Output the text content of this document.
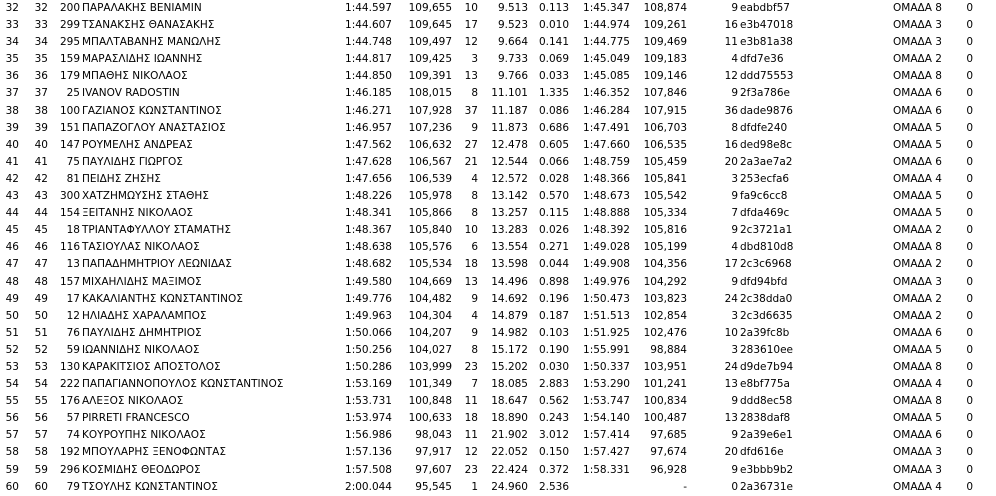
32	32	200 ΠΑΡΑΛΑΚΗΣ ΒΕΝΙΑΜΙΝ	1:44.597	109,655	10	9.513	0.113	1:45.347	108,874	9 eabdbf57	ΟΜΑΔΑ 8	0
33	33	299 ΤΣΑΝΑΚΣΗΣ ΘΑΝΑΣΑΚΗΣ	1:44.607	109,645	17	9.523	0.010	1:44.974	109,261	16 e3b47018	ΟΜΑΔΑ 3	0
34	34	295 ΜΠΑΛΤΑΒΑΝΗΣ ΜΑΝΩΛΗΣ	1:44.748	109,497	12	9.664	0.141	1:44.775	109,469	11 e3b81a38	ΟΜΑΔΑ 3	0
35	35	159 ΜΑΡΑΣΛΙΔΗΣ ΙΩΑΝΝΗΣ	1:44.817	109,425	3	9.733	0.069	1:45.049	109,183	4 dfd7e36	ΟΜΑΔΑ 2	0
36	36	179 ΜΠΑΘΗΣ ΝΙΚΟΛΑΟΣ	1:44.850	109,391	13	9.766	0.033	1:45.085	109,146	12 ddd75553	ΟΜΑΔΑ 8	0
37	37	25 IVANOV RADOSTIN	1:46.185	108,015	8	11.101	1.335	1:46.352	107,846	9 2f3a786e	ΟΜΑΔΑ 6	0
38	38	100 ΓΑΖΙΑΝΟΣ ΚΩΝΣΤΑΝΤΙΝΟΣ	1:46.271	107,928	37	11.187	0.086	1:46.284	107,915	36 dade9876	ΟΜΑΔΑ 6	0
39	39	151 ΠΑΠΑΖΟΓΛΟΥ ΑΝΑΣΤΑΣΙΟΣ	1:46.957	107,236	9	11.873	0.686	1:47.491	106,703	8 dfdfe240	ΟΜΑΔΑ 5	0
40	40	147 ΡΟΥΜΕΛΗΣ ΑΝΔΡΕΑΣ	1:47.562	106,632	27	12.478	0.605	1:47.660	106,535	16 ded98e8c	ΟΜΑΔΑ 5	0
41	41	75 ΠΑΥΛΙΔΗΣ ΓΙΩΡΓΟΣ	1:47.628	106,567	21	12.544	0.066	1:48.759	105,459	20 2a3ae7a2	ΟΜΑΔΑ 6	0
42	42	81 ΠΕΙΔΗΣ ΖΗΣΗΣ	1:47.656	106,539	4	12.572	0.028	1:48.366	105,841	3 253ecfa6	ΟΜΑΔΑ 4	0
43	43	300 ΧΑΤΖΗΜΩΥΣΗΣ ΣΤΑΘΗΣ	1:48.226	105,978	8	13.142	0.570	1:48.673	105,542	9 fa9c6cc8	ΟΜΑΔΑ 5	0
44	44	154 ΞΕΙΤΑΝΗΣ ΝΙΚΟΛΑΟΣ	1:48.341	105,866	8	13.257	0.115	1:48.888	105,334	7 dfda469c	ΟΜΑΔΑ 5	0
45	45	18 ΤΡΙΑΝΤΑΦΥΛΛΟΥ ΣΤΑΜΑΤΗΣ	1:48.367	105,840	10	13.283	0.026	1:48.392	105,816	9 2c3721a1	ΟΜΑΔΑ 2	0
46	46	116 ΤΑΣΙΟΥΛΑΣ ΝΙΚΟΛΑΟΣ	1:48.638	105,576	6	13.554	0.271	1:49.028	105,199	4 dbd810d8	ΟΜΑΔΑ 8	0
47	47	13 ΠΑΠΑΔΗΜΗΤΡΙΟΥ ΛΕΩΝΙΔΑΣ	1:48.682	105,534	18	13.598	0.044	1:49.908	104,356	17 2c3c6968	ΟΜΑΔΑ 2	0
48	48	157 ΜΙΧΑΗΛΙΔΗΣ ΜΑΞΙΜΟΣ	1:49.580	104,669	13	14.496	0.898	1:49.976	104,292	9 dfd94bfd	ΟΜΑΔΑ 3	0
49	49	17 ΚΑΚΑΛΙΑΝΤΗΣ ΚΩΝΣΤΑΝΤΙΝΟΣ	1:49.776	104,482	9	14.692	0.196	1:50.473	103,823	24 2c38dda0	ΟΜΑΔΑ 2	0
50	50	12 ΗΛΙΑΔΗΣ ΧΑΡΑΛΑΜΠΟΣ	1:49.963	104,304	4	14.879	0.187	1:51.513	102,854	3 2c3d6635	ΟΜΑΔΑ 2	0
51	51	76 ΠΑΥΛΙΔΗΣ ΔΗΜΗΤΡΙΟΣ	1:50.066	104,207	9	14.982	0.103	1:51.925	102,476	10 2a39fc8b	ΟΜΑΔΑ 6	0
52	52	59 ΙΩΑΝΝΙΔΗΣ ΝΙΚΟΛΑΟΣ	1:50.256	104,027	8	15.172	0.190	1:55.991	98,884	3 283610ee	ΟΜΑΔΑ 5	0
53	53	130 ΚΑΡΑΚΙΤΣΙΟΣ ΑΠΟΣΤΟΛΟΣ	1:50.286	103,999	23	15.202	0.030	1:50.337	103,951	24 d9de7b94	ΟΜΑΔΑ 8	0
54	54	222 ΠΑΠΑΓΙΑΝΝΟΠΟΥΛΟΣ ΚΩΝΣΤΑΝΤΙΝΟΣ	1:53.169	101,349	7	18.085	2.883	1:53.290	101,241	13 e8bf775a	ΟΜΑΔΑ 4	0
55	55	176 ΑΛΕΞΟΣ ΝΙΚΟΛΑΟΣ	1:53.731	100,848	11	18.647	0.562	1:53.747	100,834	9 ddd8ec58	ΟΜΑΔΑ 8	0
56	56	57 PIRRETI FRANCESCO	1:53.974	100,633	18	18.890	0.243	1:54.140	100,487	13 2838daf8	ΟΜΑΔΑ 5	0
57	57	74 ΚΟΥΡΟΥΠΗΣ ΝΙΚΟΛΑΟΣ	1:56.986	98,043	11	21.902	3.012	1:57.414	97,685	9 2a39e6e1	ΟΜΑΔΑ 6	0
58	58	192 ΜΠΟΥΛΑΡΗΣ ΞΕΝΟΦΩΝΤΑΣ	1:57.136	97,917	12	22.052	0.150	1:57.427	97,674	20 dfd616e	ΟΜΑΔΑ 3	0
59	59	296 ΚΟΣΜΙΔΗΣ ΘΕΟΔΩΡΟΣ	1:57.508	97,607	23	22.424	0.372	1:58.331	96,928	9 e3bbb9b2	ΟΜΑΔΑ 3	0
60	60	79 ΤΣΟΥΛΗΣ ΚΩΝΣΤΑΝΤΙΝΟΣ	2:00.044	95,545	1	24.960	2.536	-	0 2a36731e	ΟΜΑΔΑ 4	0
